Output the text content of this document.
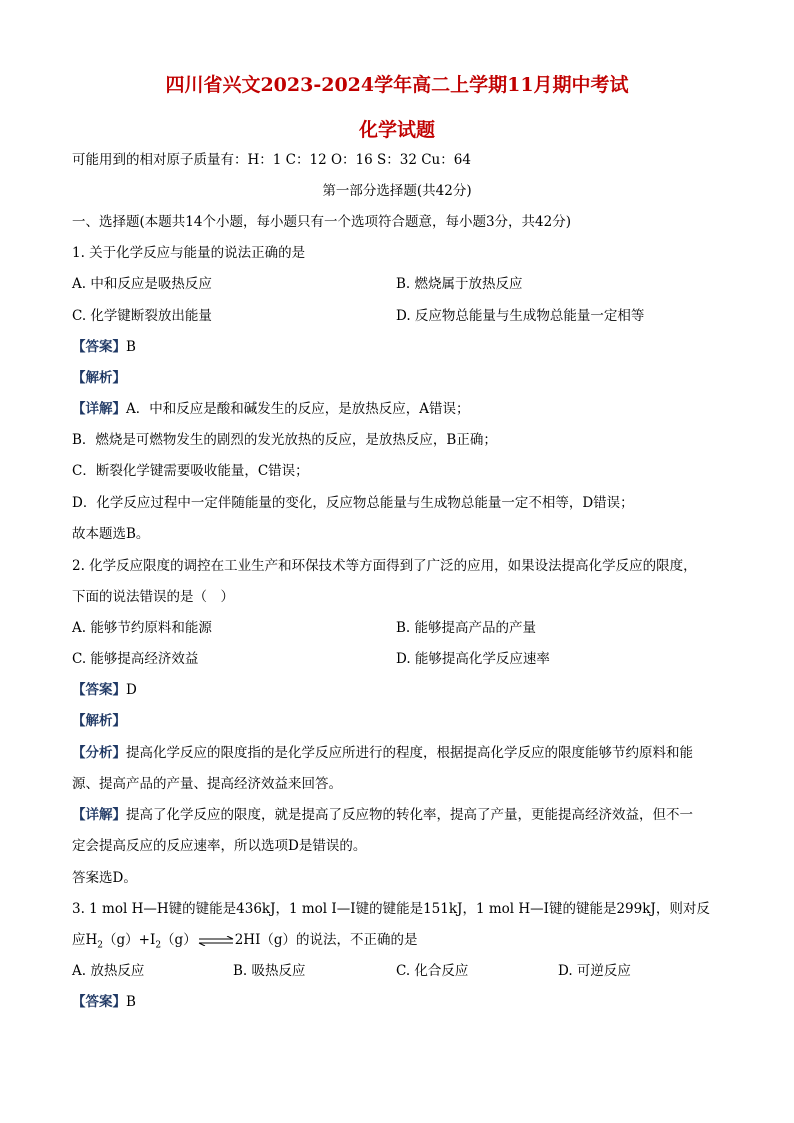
四川省兴文2023-2024学年高二上学期11月期中考试
化学试题
可能用到的相对原子质量有：H：1 C：12 O：16 S：32 Cu：64
第一部分选择题(共42分)
一、选择题(本题共14个小题，每小题只有一个选项符合题意，每小题3分，共42分)
1. 关于化学反应与能量的说法正确的是
A. 中和反应是吸热反应	B. 燃烧属于放热反应
C. 化学键断裂放出能量	D. 反应物总能量与生成物总能量一定相等
【答案】B
【解析】
【详解】A．中和反应是酸和碱发生的反应，是放热反应，A错误；
B．燃烧是可燃物发生的剧烈的发光放热的反应，是放热反应，B正确；
C．断裂化学键需要吸收能量，C错误；
D．化学反应过程中一定伴随能量的变化，反应物总能量与生成物总能量一定不相等，D错误；
故本题选B。
2. 化学反应限度的调控在工业生产和环保技术等方面得到了广泛的应用，如果设法提高化学反应的限度，
下面的说法错误的是（　）
A. 能够节约原料和能源	B. 能够提高产品的产量
C. 能够提高经济效益	D. 能够提高化学反应速率
【答案】D
【解析】
【分析】提高化学反应的限度指的是化学反应所进行的程度，根据提高化学反应的限度能够节约原料和能
源、提高产品的产量、提高经济效益来回答。
【详解】提高了化学反应的限度，就是提高了反应物的转化率，提高了产量，更能提高经济效益，但不一
定会提高反应的反应速率，所以选项D是错误的。
答案选D。
3. 1 mol H—H键的键能是436kJ，1 mol I—I键的键能是151kJ，1 mol H—I键的键能是299kJ，则对反
应$H_2(g)+I_2(g)\rightleftharpoons 2HI(g)$的说法，不正确的是
A. 放热反应	B. 吸热反应	C. 化合反应	D. 可逆反应
【答案】B
